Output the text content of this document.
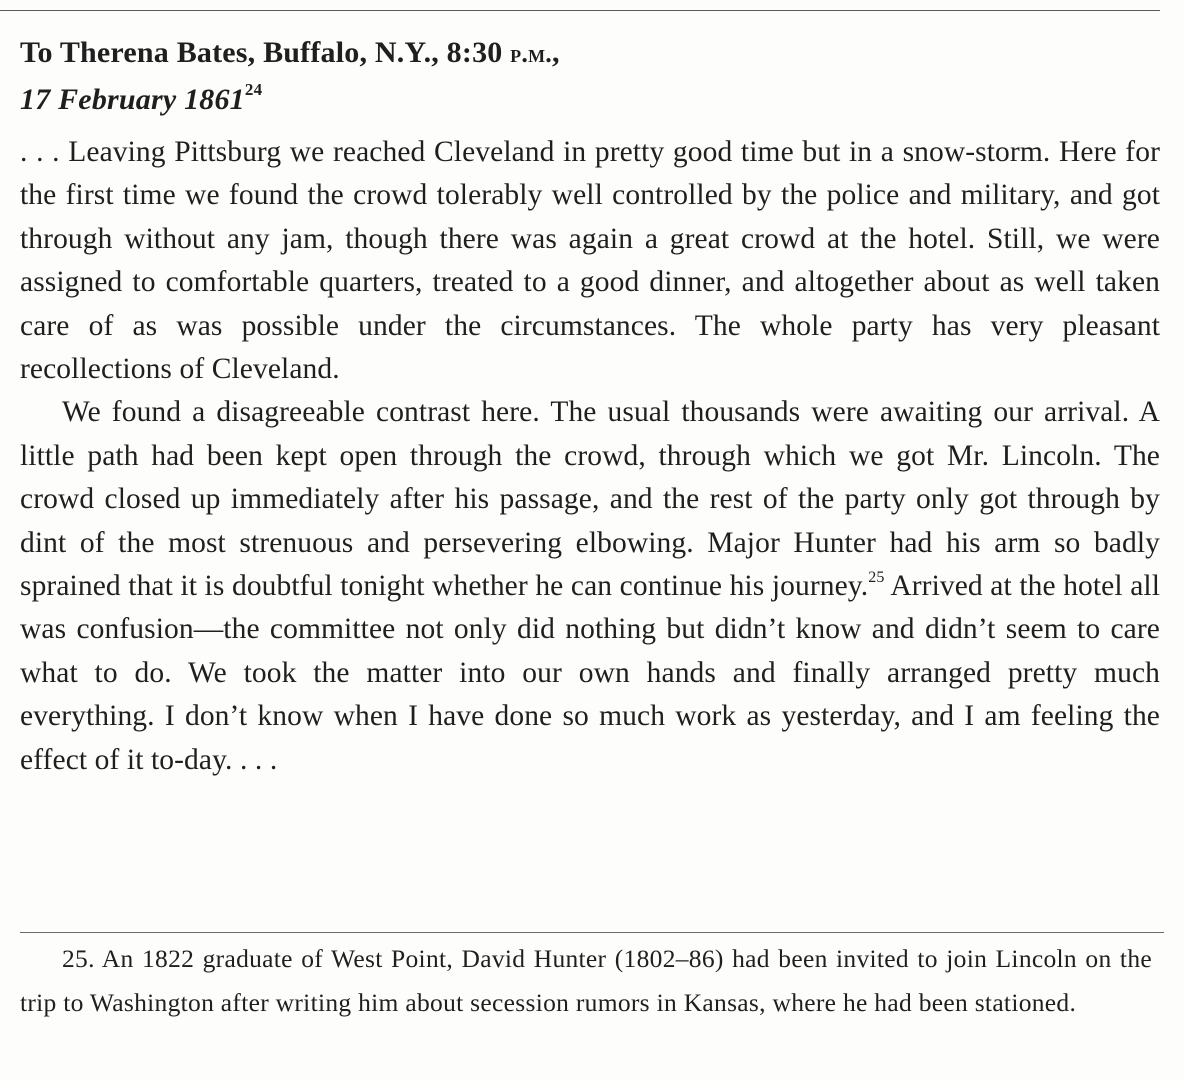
To Therena Bates, Buffalo, N.Y., 8:30 p.m.,
17 February 1861$^{24}$

. . . Leaving Pittsburg we reached Cleveland in pretty good time but in a snow-storm. Here for the first time we found the crowd tolerably well controlled by the police and military, and got through without any jam, though there was again a great crowd at the hotel. Still, we were assigned to comfortable quarters, treated to a good dinner, and altogether about as well taken care of as was possible under the circumstances. The whole party has very pleasant recollections of Cleveland.

We found a disagreeable contrast here. The usual thousands were awaiting our arrival. A little path had been kept open through the crowd, through which we got Mr. Lincoln. The crowd closed up immediately after his passage, and the rest of the party only got through by dint of the most strenuous and persevering elbowing. Major Hunter had his arm so badly sprained that it is doubtful tonight whether he can continue his journey.$^{25}$ Arrived at the hotel all was confusion—the committee not only did nothing but didn’t know and didn’t seem to care what to do. We took the matter into our own hands and finally arranged pretty much everything. I don’t know when I have done so much work as yesterday, and I am feeling the effect of it to-day. . . .

25. An 1822 graduate of West Point, David Hunter (1802–86) had been invited to join Lincoln on the trip to Washington after writing him about secession rumors in Kansas, where he had been stationed.
